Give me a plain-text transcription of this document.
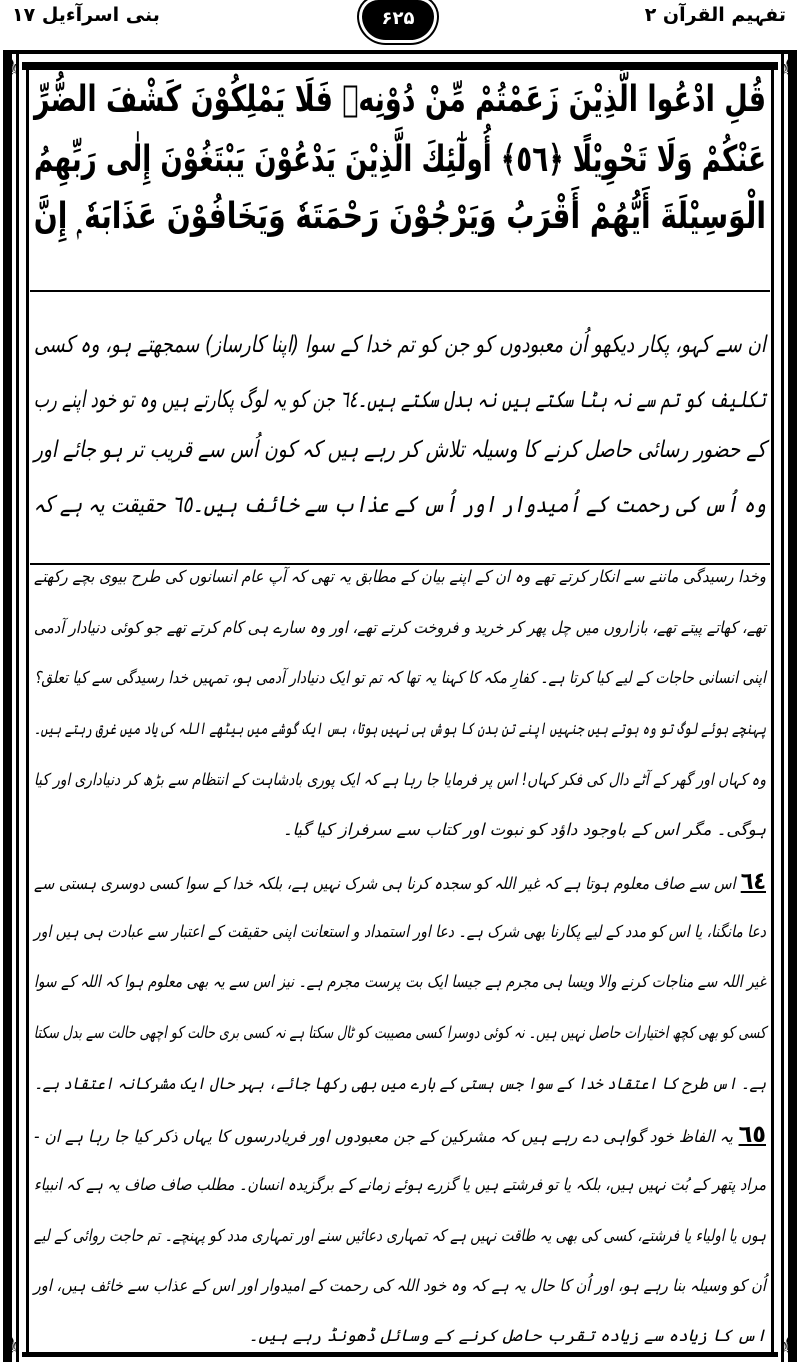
تفہیم القرآن ۲
بنی اسرآءیل ۱۷	۶۲۵
⚜	⚜
⚜	⚜
قُلِ ادْعُوا الَّذِيْنَ زَعَمْتُمْ مِّنْ دُوْنِهٖ فَلَا يَمْلِكُوْنَ كَشْفَ الضُّرِّ
عَنْكُمْ وَلَا تَحْوِيْلًا ﴿٥٦﴾ أُولٰٓئِكَ الَّذِيْنَ يَدْعُوْنَ يَبْتَغُوْنَ إِلٰى رَبِّهِمُ
الْوَسِيْلَةَ أَيُّهُمْ أَقْرَبُ وَيَرْجُوْنَ رَحْمَتَهٗ وَيَخَافُوْنَ عَذَابَهٗ ۭ إِنَّ
ان سے کہو، پکار دیکھو اُن معبودوں کو جن کو تم خدا کے سوا (اپنا کارساز) سمجھتے ہو، وہ کسی
تکلیف کو تم سے نہ ہٹا سکتے ہیں نہ بدل سکتے ہیں۔٦٤ جن کو یہ لوگ پکارتے ہیں وہ تو خود اپنے رب
کے حضور رسائی حاصل کرنے کا وسیلہ تلاش کر رہے ہیں کہ کون اُس سے قریب تر ہو جائے اور
وہ اُس کی رحمت کے اُمیدوار اور اُس کے عذاب سے خائف ہیں۔٦٥ حقیقت یہ ہے کہ
وخدا رسیدگی ماننے سے انکار کرتے تھے وہ ان کے اپنے بیان کے مطابق یہ تھی کہ آپ عام انسانوں کی طرح بیوی بچے رکھتے
تھے، کھاتے پیتے تھے، بازاروں میں چل پھر کر خرید و فروخت کرتے تھے، اور وہ سارے ہی کام کرتے تھے جو کوئی دنیادار آدمی
اپنی انسانی حاجات کے لیے کیا کرتا ہے۔ کفارِ مکہ کا کہنا یہ تھا کہ تم تو ایک دنیادار آدمی ہو، تمہیں خدا رسیدگی سے کیا تعلق؟
پہنچے ہوئے لوگ تو وہ ہوتے ہیں جنہیں اپنے تن بدن کا ہوش ہی نہیں ہوتا، بس ایک گوشے میں بیٹھے اللہ کی یاد میں غرق رہتے ہیں۔
وہ کہاں اور گھر کے آٹے دال کی فکر کہاں! اس پر فرمایا جا رہا ہے کہ ایک پوری بادشاہت کے انتظام سے بڑھ کر دنیاداری اور کیا
ہوگی۔ مگر اس کے باوجود داؤد کو نبوت اور کتاب سے سرفراز کیا گیا۔
٦٤اس سے صاف معلوم ہوتا ہے کہ غیر اللہ کو سجدہ کرنا ہی شرک نہیں ہے، بلکہ خدا کے سوا کسی دوسری ہستی سے
دعا مانگنا، یا اس کو مدد کے لیے پکارنا بھی شرک ہے۔ دعا اور استمداد و استعانت اپنی حقیقت کے اعتبار سے عبادت ہی ہیں اور
غیر اللہ سے مناجات کرنے والا ویسا ہی مجرم ہے جیسا ایک بت پرست مجرم ہے۔ نیز اس سے یہ بھی معلوم ہوا کہ اللہ کے سوا
کسی کو بھی کچھ اختیارات حاصل نہیں ہیں۔ نہ کوئی دوسرا کسی مصیبت کو ٹال سکتا ہے نہ کسی بری حالت کو اچھی حالت سے بدل سکتا
ہے۔ اس طرح کا اعتقاد خدا کے سوا جس ہستی کے بارے میں بھی رکھا جائے، بہر حال ایک مشرکانہ اعتقاد ہے۔
٦٥یہ الفاظ خود گواہی دے رہے ہیں کہ مشرکین کے جن معبودوں اور فریادرسوں کا یہاں ذکر کیا جا رہا ہے ان -
مراد پتھر کے بُت نہیں ہیں، بلکہ یا تو فرشتے ہیں یا گزرے ہوئے زمانے کے برگزیدہ انسان۔ مطلب صاف صاف یہ ہے کہ انبیاء
ہوں یا اولیاء یا فرشتے، کسی کی بھی یہ طاقت نہیں ہے کہ تمہاری دعائیں سنے اور تمہاری مدد کو پہنچے۔ تم حاجت روائی کے لیے
اُن کو وسیلہ بنا رہے ہو، اور اُن کا حال یہ ہے کہ وہ خود اللہ کی رحمت کے امیدوار اور اس کے عذاب سے خائف ہیں، اور
اس کا زیادہ سے زیادہ تقرب حاصل کرنے کے وسائل ڈھونڈ رہے ہیں۔
